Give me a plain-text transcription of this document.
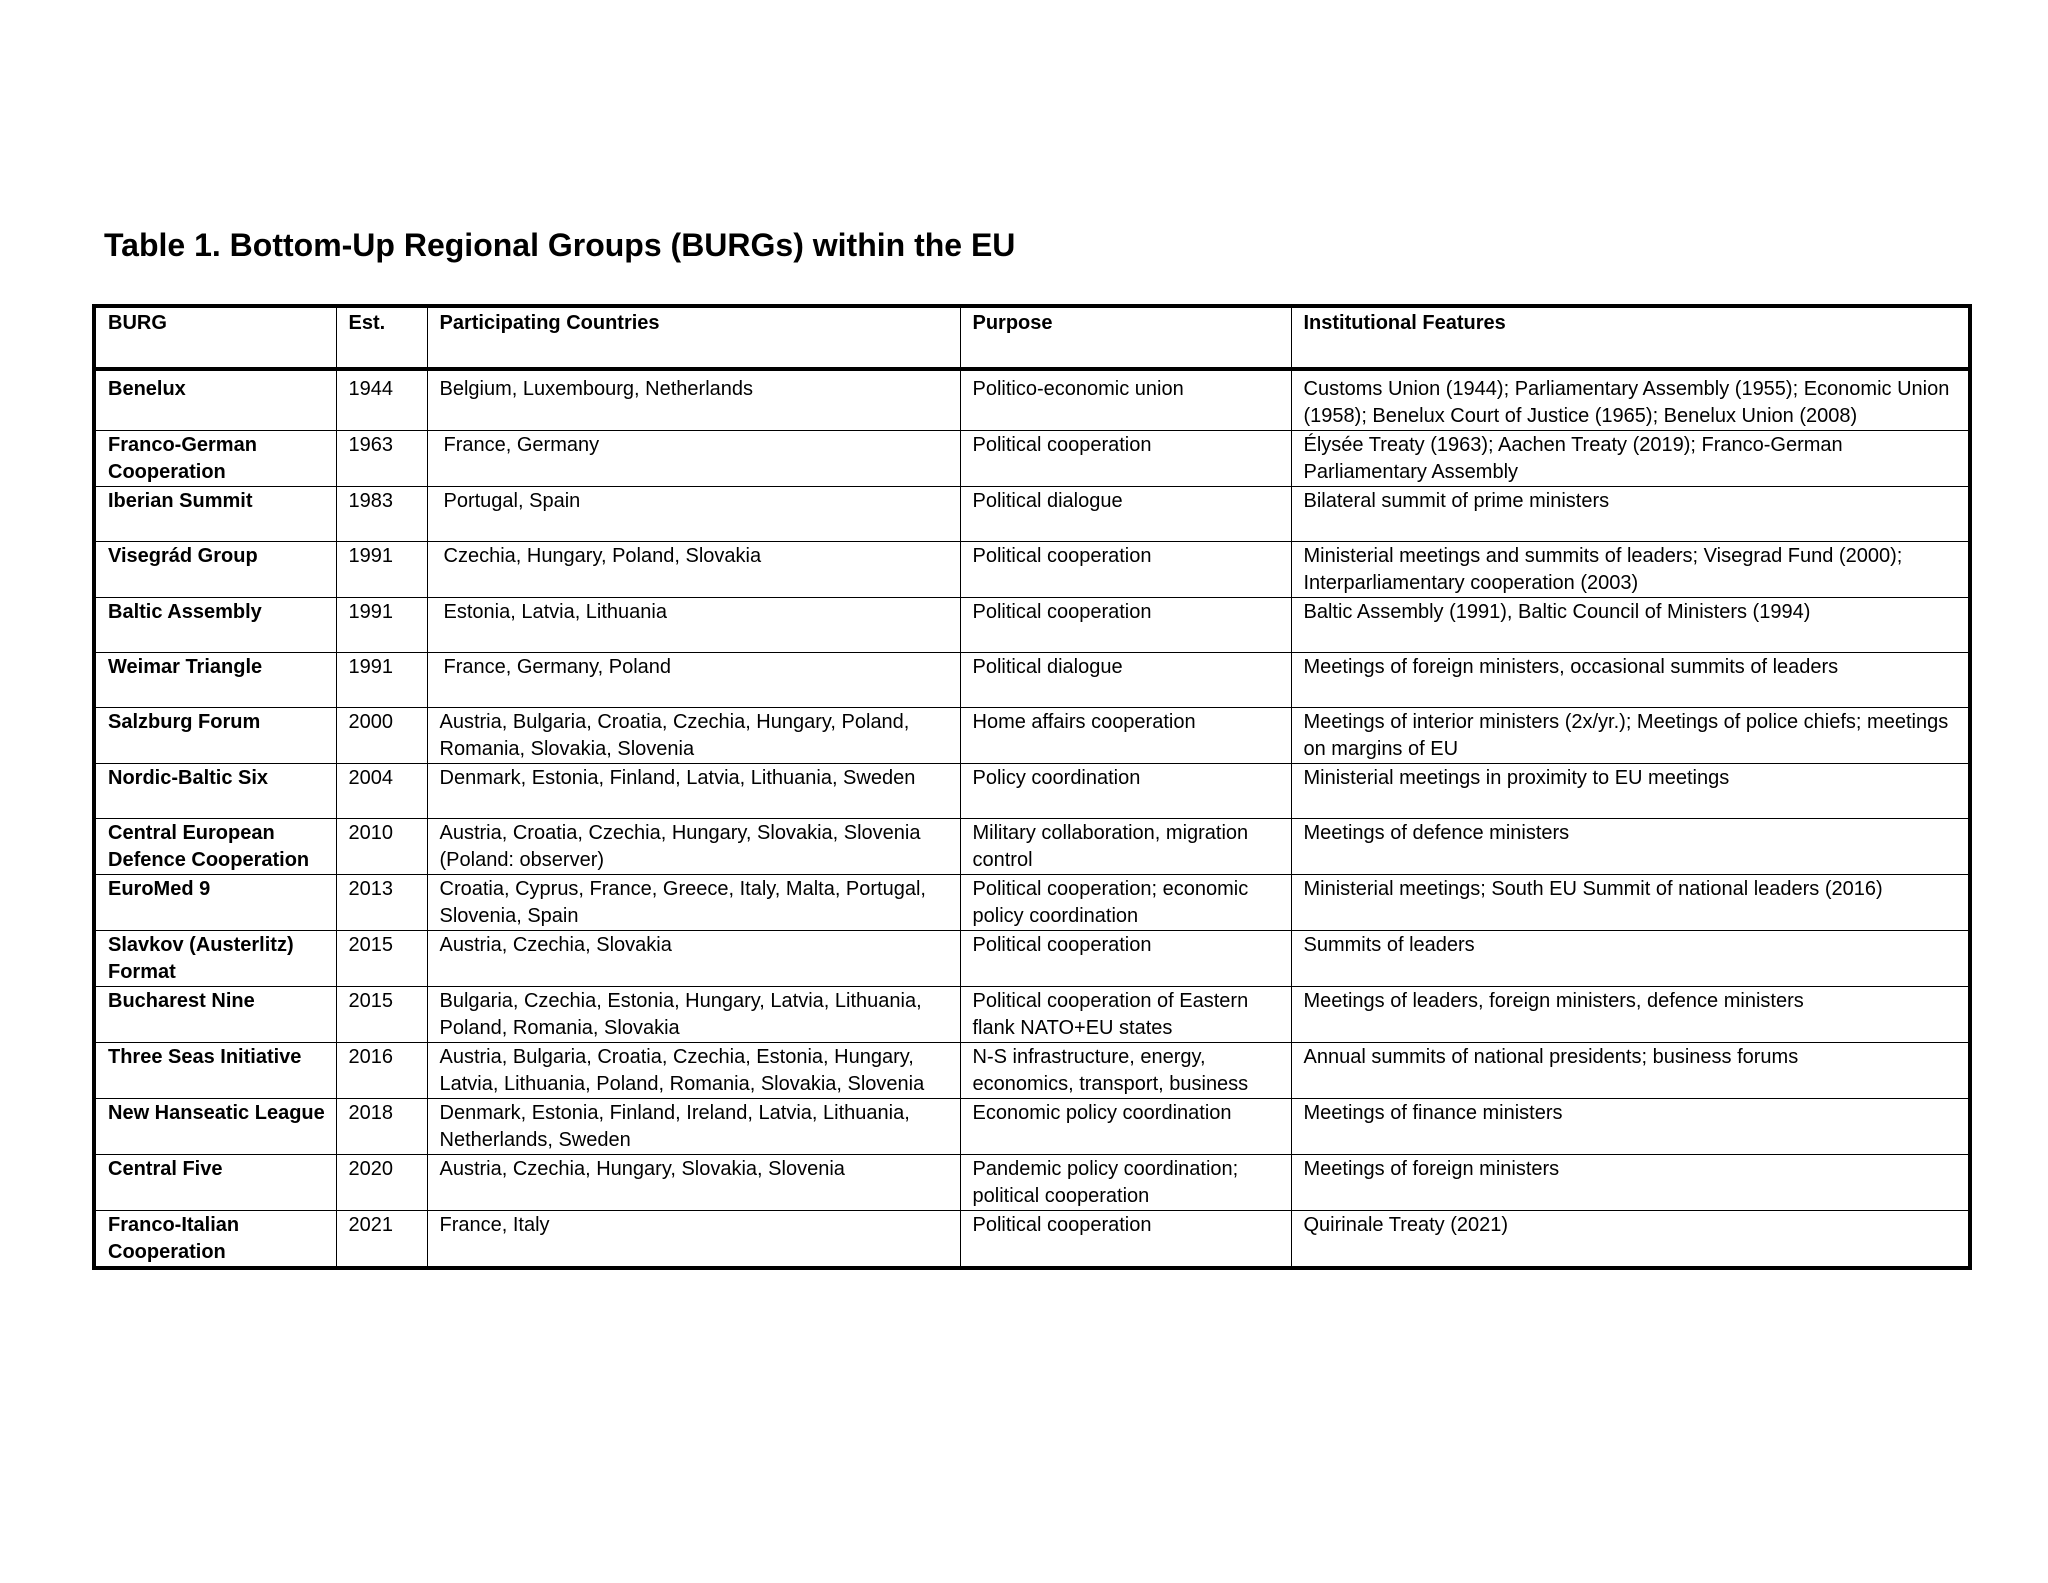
Table 1. Bottom-Up Regional Groups (BURGs) within the EU
BURG	Est.	Participating Countries	Purpose	Institutional Features
Benelux	1944	Belgium, Luxembourg, Netherlands	Politico-economic union	Customs Union (1944); Parliamentary Assembly (1955); Economic Union (1958); Benelux Court of Justice (1965); Benelux Union (2008)
Franco-German Cooperation	1963	France, Germany	Political cooperation	Élysée Treaty (1963); Aachen Treaty (2019); Franco-German Parliamentary Assembly
Iberian Summit	1983	Portugal, Spain	Political dialogue	Bilateral summit of prime ministers
Visegrád Group	1991	Czechia, Hungary, Poland, Slovakia	Political cooperation	Ministerial meetings and summits of leaders; Visegrad Fund (2000); Interparliamentary cooperation (2003)
Baltic Assembly	1991	Estonia, Latvia, Lithuania	Political cooperation	Baltic Assembly (1991), Baltic Council of Ministers (1994)
Weimar Triangle	1991	France, Germany, Poland	Political dialogue	Meetings of foreign ministers, occasional summits of leaders
Salzburg Forum	2000	Austria, Bulgaria, Croatia, Czechia, Hungary, Poland, Romania, Slovakia, Slovenia	Home affairs cooperation	Meetings of interior ministers (2x/yr.); Meetings of police chiefs; meetings on margins of EU
Nordic-Baltic Six	2004	Denmark, Estonia, Finland, Latvia, Lithuania, Sweden	Policy coordination	Ministerial meetings in proximity to EU meetings
Central European Defence Cooperation	2010	Austria, Croatia, Czechia, Hungary, Slovakia, Slovenia (Poland: observer)	Military collaboration, migration control	Meetings of defence ministers
EuroMed 9	2013	Croatia, Cyprus, France, Greece, Italy, Malta, Portugal, Slovenia, Spain	Political cooperation; economic policy coordination	Ministerial meetings; South EU Summit of national leaders (2016)
Slavkov (Austerlitz) Format	2015	Austria, Czechia, Slovakia	Political cooperation	Summits of leaders
Bucharest Nine	2015	Bulgaria, Czechia, Estonia, Hungary, Latvia, Lithuania, Poland, Romania, Slovakia	Political cooperation of Eastern flank NATO+EU states	Meetings of leaders, foreign ministers, defence ministers
Three Seas Initiative	2016	Austria, Bulgaria, Croatia, Czechia, Estonia, Hungary, Latvia, Lithuania, Poland, Romania, Slovakia, Slovenia	N-S infrastructure, energy, economics, transport, business	Annual summits of national presidents; business forums
New Hanseatic League	2018	Denmark, Estonia, Finland, Ireland, Latvia, Lithuania, Netherlands, Sweden	Economic policy coordination	Meetings of finance ministers
Central Five	2020	Austria, Czechia, Hungary, Slovakia, Slovenia	Pandemic policy coordination; political cooperation	Meetings of foreign ministers
Franco-Italian Cooperation	2021	France, Italy	Political cooperation	Quirinale Treaty (2021)
